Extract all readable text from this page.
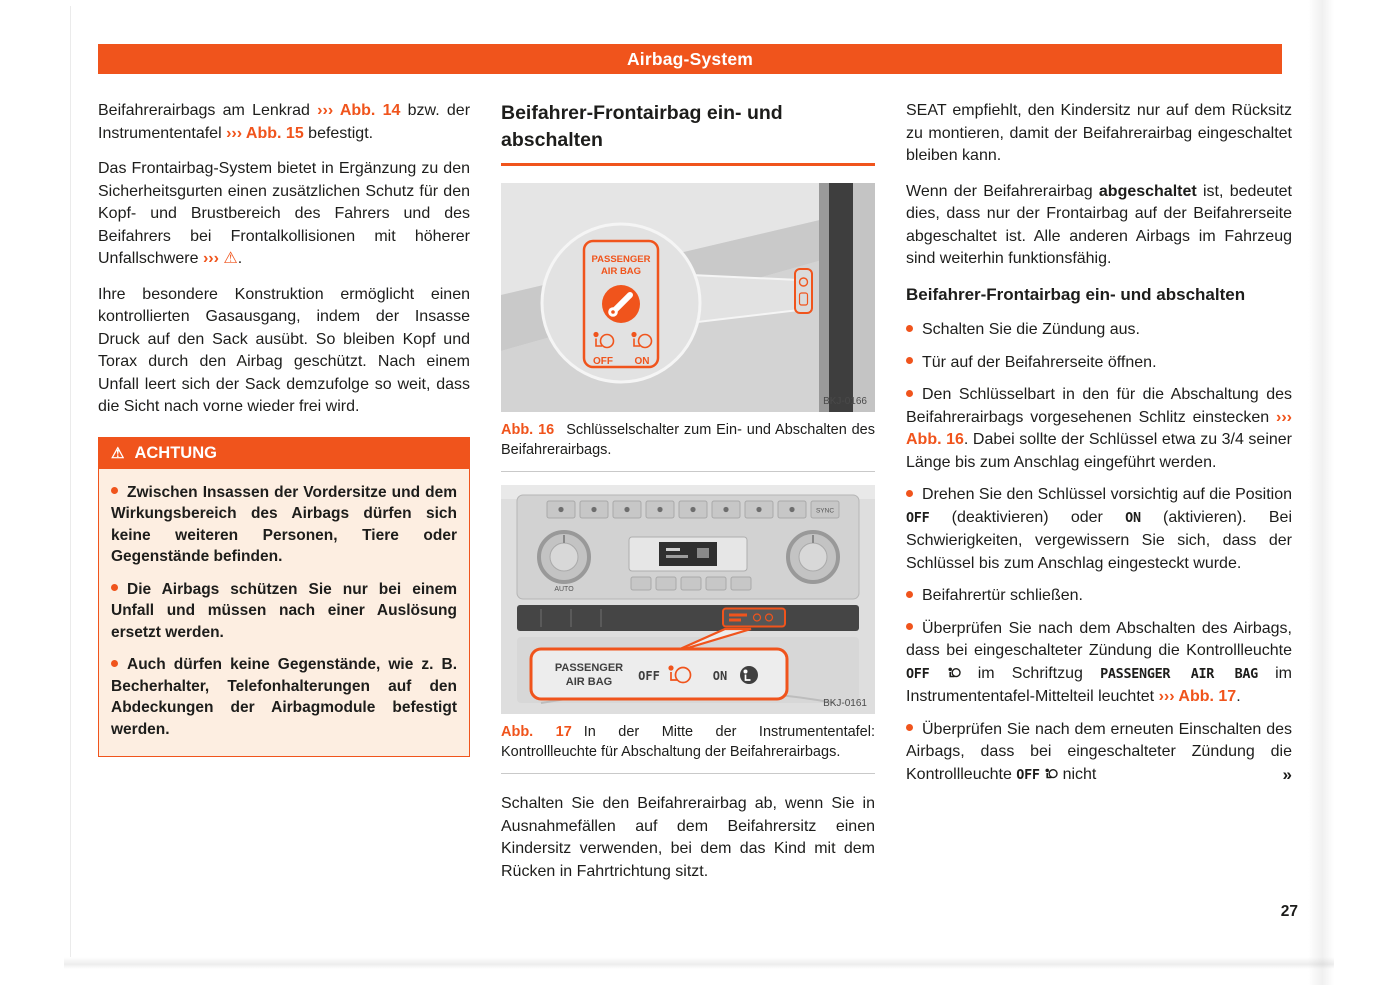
Airbag-System

Beifahrerairbags am Lenkrad ››› Abb. 14 bzw. der Instrumententafel ››› Abb. 15 befestigt.

Das Frontairbag-System bietet in Ergänzung zu den Sicherheitsgurten einen zusätzlichen Schutz für den Kopf- und Brustbereich des Fahrers und des Beifahrers bei Frontalkollisionen mit höherer Unfallschwere ››› ⚠.

Ihre besondere Konstruktion ermöglicht einen kontrollierten Gasausgang, indem der Insasse Druck auf den Sack ausübt. So bleiben Kopf und Torax durch den Airbag geschützt. Nach einem Unfall leert sich der Sack demzufolge so weit, dass die Sicht nach vorne wieder frei wird.

⚠ ACHTUNG
Zwischen Insassen der Vordersitze und dem Wirkungsbereich des Airbags dürfen sich keine weiteren Personen, Tiere oder Gegenstände befinden.
Die Airbags schützen Sie nur bei einem Unfall und müssen nach einer Auslösung ersetzt werden.
Auch dürfen keine Gegenstände, wie z. B. Becherhalter, Telefonhalterungen auf den Abdeckungen der Airbagmodule befestigt werden.
Beifahrer-Frontairbag ein- und abschalten
PASSENGER
AIR BAG
OFF ON
BKJ-0166
Abb. 16 Schlüsselschalter zum Ein- und Abschalten des Beifahrerairbags.
SYNC
AUTO
PASSENGER
AIR BAG OFF	ON
BKJ-0161
Abb. 17 In der Mitte der Instrumententafel: Kontrollleuchte für Abschaltung der Beifahrerairbags.

Schalten Sie den Beifahrerairbag ab, wenn Sie in Ausnahmefällen auf dem Beifahrersitz einen Kindersitz verwenden, bei dem das Kind mit dem Rücken in Fahrtrichtung sitzt.

SEAT empfiehlt, den Kindersitz nur auf dem Rücksitz zu montieren, damit der Beifahrerairbag eingeschaltet bleiben kann.

Wenn der Beifahrerairbag abgeschaltet ist, bedeutet dies, dass nur der Frontairbag auf der Beifahrerseite abgeschaltet ist. Alle anderen Airbags im Fahrzeug sind weiterhin funktionsfähig.

Beifahrer-Frontairbag ein- und abschalten
Schalten Sie die Zündung aus.
Tür auf der Beifahrerseite öffnen.
Den Schlüsselbart in den für die Abschaltung des Beifahrerairbags vorgesehenen Schlitz einstecken ››› Abb. 16. Dabei sollte der Schlüssel etwa zu 3/4 seiner Länge bis zum Anschlag eingeführt werden.
Drehen Sie den Schlüssel vorsichtig auf die Position OFF (deaktivieren) oder ON (aktivieren). Bei Schwierigkeiten, vergewissern Sie sich, dass der Schlüssel bis zum Anschlag eingesteckt wurde.
Beifahrertür schließen.
Überprüfen Sie nach dem Abschalten des Airbags, dass bei eingeschalteter Zündung die Kontrollleuchte OFF  im Schriftzug PASSENGER AIR BAG im Instrumententafel-Mittelteil leuchtet ››› Abb. 17.
Überprüfen Sie nach dem erneuten Einschalten des Airbags, dass bei eingeschalteter Zündung die Kontrollleuchte OFF  nicht	»
27
